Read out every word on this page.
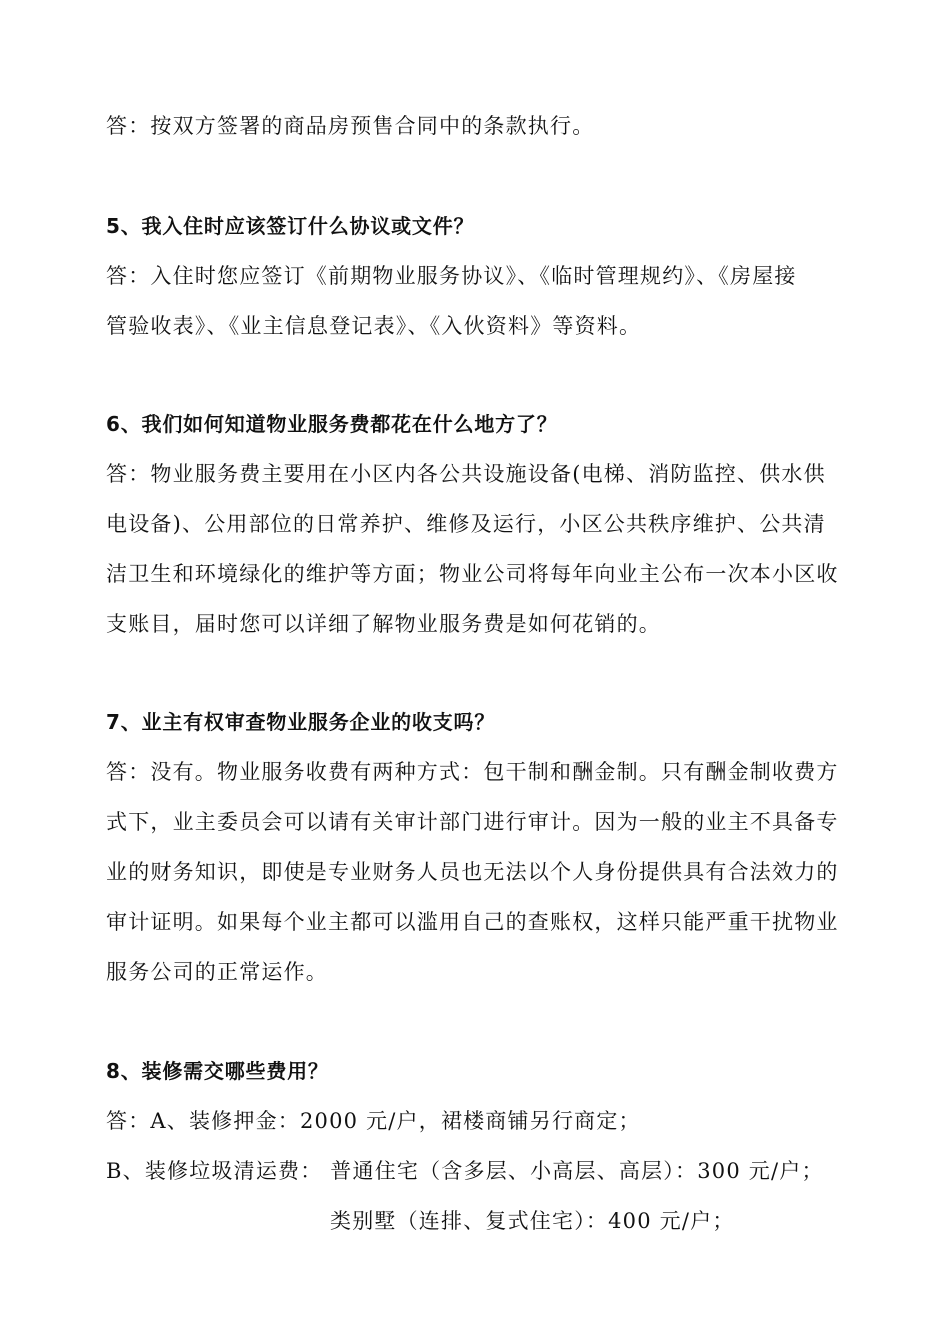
答：按双方签署的商品房预售合同中的条款执行。
5、我入住时应该签订什么协议或文件？
答：入住时您应签订《前期物业服务协议》、《临时管理规约》、《房屋接
管验收表》、《业主信息登记表》、《入伙资料》等资料。
6、我们如何知道物业服务费都花在什么地方了？
答：物业服务费主要用在小区内各公共设施设备(电梯、消防监控、供水供
电设备)、公用部位的日常养护、维修及运行，小区公共秩序维护、公共清
洁卫生和环境绿化的维护等方面；物业公司将每年向业主公布一次本小区收
支账目，届时您可以详细了解物业服务费是如何花销的。
7、业主有权审查物业服务企业的收支吗？
答：没有。物业服务收费有两种方式：包干制和酬金制。只有酬金制收费方
式下，业主委员会可以请有关审计部门进行审计。因为一般的业主不具备专
业的财务知识，即使是专业财务人员也无法以个人身份提供具有合法效力的
审计证明。如果每个业主都可以滥用自己的查账权，这样只能严重干扰物业
服务公司的正常运作。
8、装修需交哪些费用？
答：A、装修押金：2000 元/户，裙楼商铺另行商定；
B、装修垃圾清运费： 普通住宅（含多层、小高层、高层）：300 元/户；
类别墅（连排、复式住宅）：400 元/户；
